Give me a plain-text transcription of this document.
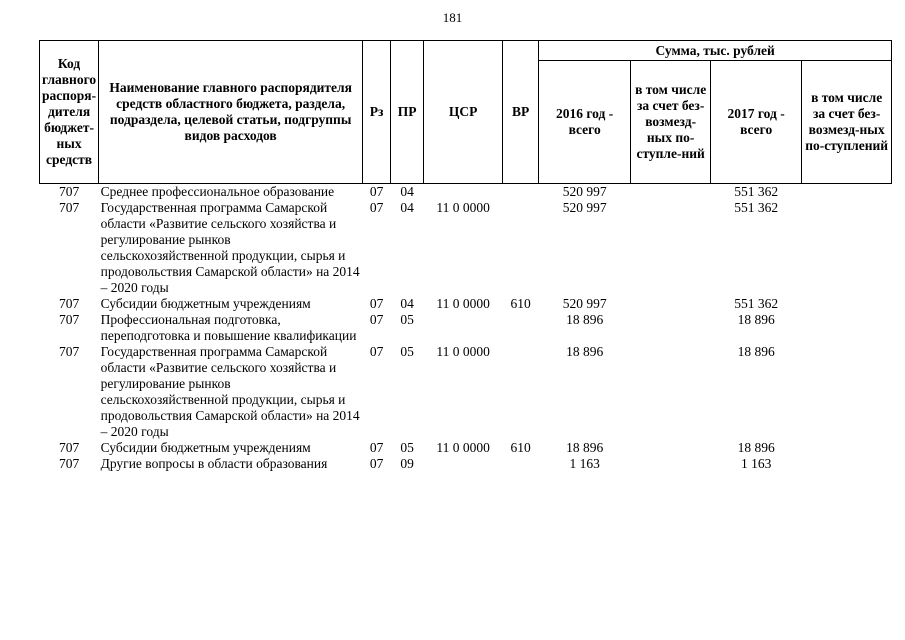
181
Код главного распоря-дителя бюджет-ных средств	Наименование главного распорядителя средств областного бюджета, раздела, подраздела, целевой статьи, подгруппы видов расходов	Рз	ПР	ЦСР	ВР	Сумма, тыс. рублей			
						2016 год - всего	в том числе за счет без-возмезд-ных по-ступле-ний	2017 год - всего	в том числе за счет без-возмезд-ных по-ступлений
707	Среднее профессиональное образование	07	04			520 997		551 362	
707	Государственная программа Самарской области «Развитие сельского хозяйства и регулирование рынков сельскохозяйственной продукции, сырья и продовольствия Самарской области» на 2014 – 2020 годы	07	04	11 0 0000		520 997		551 362	
707	Субсидии бюджетным учреждениям	07	04	11 0 0000	610	520 997		551 362	
707	Профессиональная подготовка, переподготовка и повышение квалификации	07	05			18 896		18 896	
707	Государственная программа Самарской области «Развитие сельского хозяйства и регулирование рынков сельскохозяйственной продукции, сырья и продовольствия Самарской области» на 2014 – 2020 годы	07	05	11 0 0000		18 896		18 896	
707	Субсидии бюджетным учреждениям	07	05	11 0 0000	610	18 896		18 896	
707	Другие вопросы в области образования	07	09			1 163		1 163	
